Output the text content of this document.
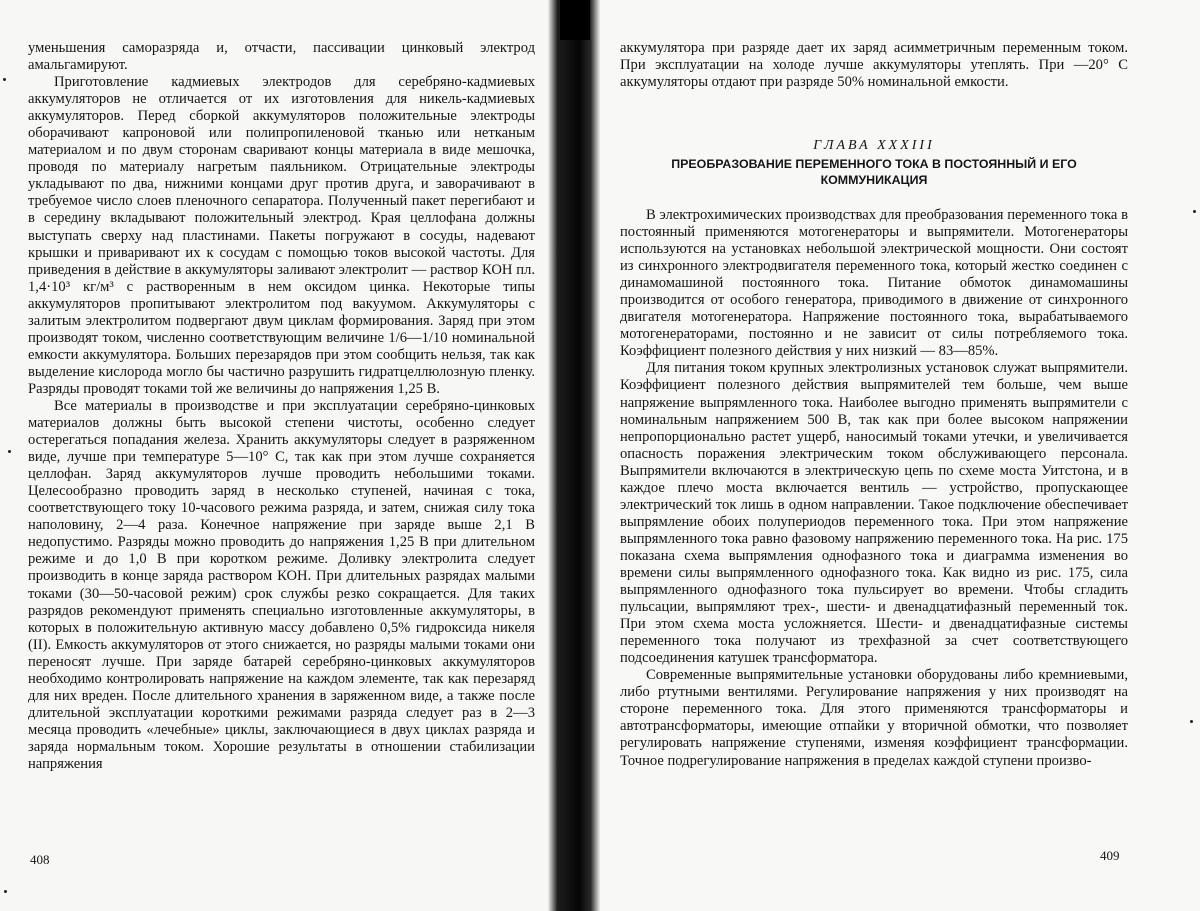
уменьшения саморазряда и, отчасти, пассивации цинковый электрод амальгамируют.

Приготовление кадмиевых электродов для серебряно-кадмиевых аккумуляторов не отличается от их изготовления для никель-кадмиевых аккумуляторов. Перед сборкой аккумуляторов положительные электроды оборачивают капроновой или полипропиленовой тканью или нетканым материалом и по двум сторонам сваривают концы материала в виде мешочка, проводя по материалу нагретым паяльником. Отрицательные электроды укладывают по два, нижними концами друг против друга, и заворачивают в требуемое число слоев пленочного сепаратора. Полученный пакет перегибают и в середину вкладывают положительный электрод. Края целлофана должны выступать сверху над пластинами. Пакеты погружают в сосуды, надевают крышки и приваривают их к сосудам с помощью токов высокой частоты. Для приведения в действие в аккумуляторы заливают электролит — раствор КОН пл. 1,4·10³ кг/м³ с растворенным в нем оксидом цинка. Некоторые типы аккумуляторов пропитывают электролитом под вакуумом. Аккумуляторы с залитым электролитом подвергают двум циклам формирования. Заряд при этом производят током, численно соответствующим величине 1/6—1/10 номинальной емкости аккумулятора. Больших перезарядов при этом сообщить нельзя, так как выделение кислорода могло бы частично разрушить гидратцеллюлозную пленку. Разряды проводят токами той же величины до напряжения 1,25 В.

Все материалы в производстве и при эксплуатации серебряно-цинковых материалов должны быть высокой степени чистоты, особенно следует остерегаться попадания железа. Хранить аккумуляторы следует в разряженном виде, лучше при температуре 5—10° С, так как при этом лучше сохраняется целлофан. Заряд аккумуляторов лучше проводить небольшими токами. Целесообразно проводить заряд в несколько ступеней, начиная с тока, соответствующего току 10-часового режима разряда, и затем, снижая силу тока наполовину, 2—4 раза. Конечное напряжение при заряде выше 2,1 В недопустимо. Разряды можно проводить до напряжения 1,25 В при длительном режиме и до 1,0 В при коротком режиме. Доливку электролита следует производить в конце заряда раствором КОН. При длительных разрядах малыми токами (30—50-часовой режим) срок службы резко сокращается. Для таких разрядов рекомендуют применять специально изготовленные аккумуляторы, в которых в положительную активную массу добавлено 0,5% гидроксида никеля (II). Емкость аккумуляторов от этого снижается, но разряды малыми токами они переносят лучше. При заряде батарей серебряно-цинковых аккумуляторов необходимо контролировать напряжение на каждом элементе, так как перезаряд для них вреден. После длительного хранения в заряженном виде, а также после длительной эксплуатации короткими режимами разряда следует раз в 2—3 месяца проводить «лечебные» циклы, заключающиеся в двух циклах разряда и заряда нормальным током. Хорошие результаты в отношении стабилизации напряжения

408

аккумулятора при разряде дает их заряд асимметричным переменным током. При эксплуатации на холоде лучше аккумуляторы утеплять. При —20° С аккумуляторы отдают при разряде 50% номинальной емкости.

ГЛАВА XXXIII
ПРЕОБРАЗОВАНИЕ ПЕРЕМЕННОГО ТОКА В ПОСТОЯННЫЙ И ЕГО КОММУНИКАЦИЯ

В электрохимических производствах для преобразования переменного тока в постоянный применяются мотогенераторы и выпрямители. Мотогенераторы используются на установках небольшой электрической мощности. Они состоят из синхронного электродвигателя переменного тока, который жестко соединен с динамомашиной постоянного тока. Питание обмоток динамомашины производится от особого генератора, приводимого в движение от синхронного двигателя мотогенератора. Напряжение постоянного тока, вырабатываемого мотогенераторами, постоянно и не зависит от силы потребляемого тока. Коэффициент полезного действия у них низкий — 83—85%.

Для питания током крупных электролизных установок служат выпрямители. Коэффициент полезного действия выпрямителей тем больше, чем выше напряжение выпрямленного тока. Наиболее выгодно применять выпрямители с номинальным напряжением 500 В, так как при более высоком напряжении непропорционально растет ущерб, наносимый токами утечки, и увеличивается опасность поражения электрическим током обслуживающего персонала. Выпрямители включаются в электрическую цепь по схеме моста Уитстона, и в каждое плечо моста включается вентиль — устройство, пропускающее электрический ток лишь в одном направлении. Такое подключение обеспечивает выпрямление обоих полупериодов переменного тока. При этом напряжение выпрямленного тока равно фазовому напряжению переменного тока. На рис. 175 показана схема выпрямления однофазного тока и диаграмма изменения во времени силы выпрямленного однофазного тока. Как видно из рис. 175, сила выпрямленного однофазного тока пульсирует во времени. Чтобы сгладить пульсации, выпрямляют трех-, шести- и двенадцатифазный переменный ток. При этом схема моста усложняется. Шести- и двенадцатифазные системы переменного тока получают из трехфазной за счет соответствующего подсоединения катушек трансформатора.

Современные выпрямительные установки оборудованы либо кремниевыми, либо ртутными вентилями. Регулирование напряжения у них производят на стороне переменного тока. Для этого применяются трансформаторы и автотрансформаторы, имеющие отпайки у вторичной обмотки, что позволяет регулировать напряжение ступенями, изменяя коэффициент трансформации. Точное подрегулирование напряжения в пределах каждой ступени произво-

409
